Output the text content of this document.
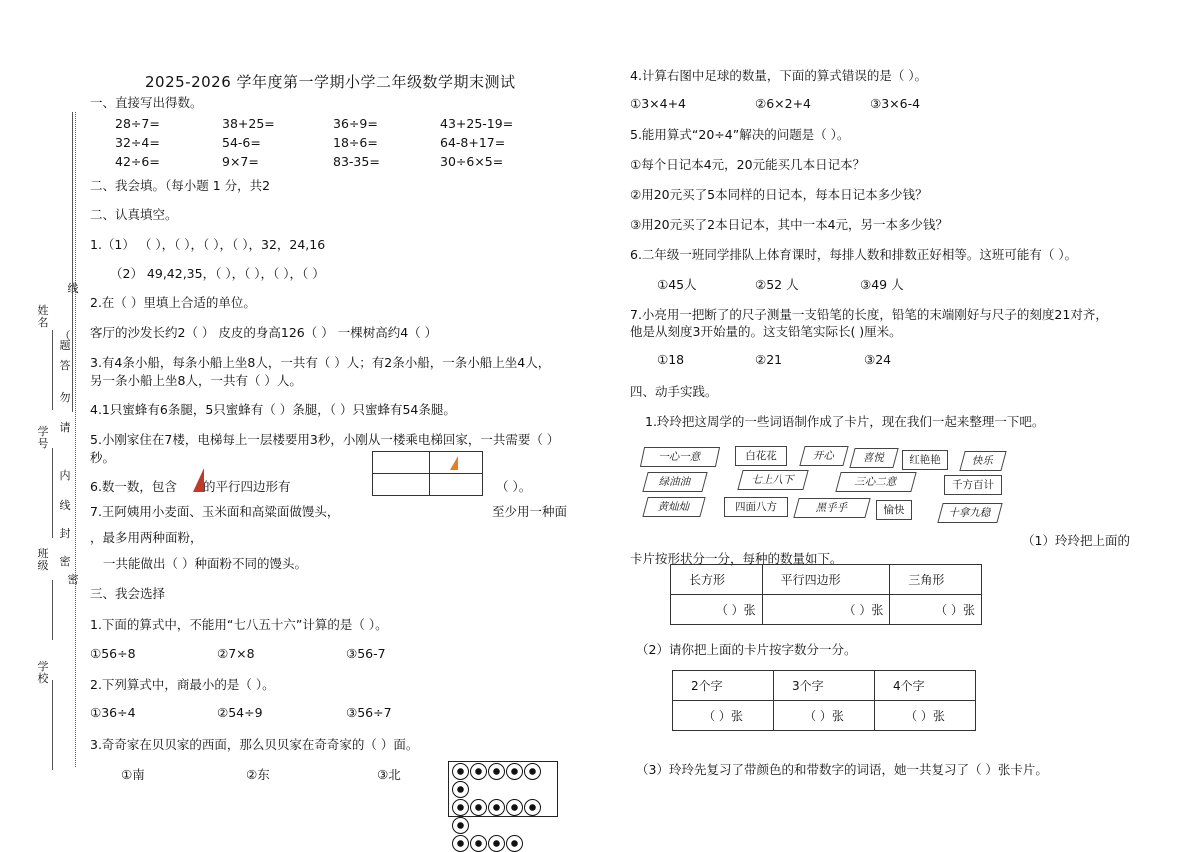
姓名
学号
班级
学校
线
（
答
题
勿
请
内
线
封
密
密
2025-2026 学年度第一学期小学二年级数学期末测试
一、直接写出得数。
28÷7=	38+25=	36÷9=	43+25-19=
32÷4=	54-6=	18÷6=	64-8+17=
42÷6=	9×7=	83-35=	30÷6×5=
二、我会填。（每小题 1 分，共2
二、认真填空。
1.（1） （ ），（ ），（ ），（ ），32，24,16
（2） 49,42,35，（ ），（ ），（ ），（ ）
2.在（ ）里填上合适的单位。
客厅的沙发长约2（ ） 皮皮的身高126（ ） 一棵树高约4（ ）
3.有4条小船，每条小船上坐8人，一共有（ ）人；有2条小船，一条小船上坐4人，
另一条小船上坐8人，一共有（ ）人。
4.1只蜜蜂有6条腿，5只蜜蜂有（ ）条腿，（ ）只蜜蜂有54条腿。
5.小刚家住在7楼，电梯每上一层楼要用3秒，小刚从一楼乘电梯回家，一共需要（ ）
秒。
6.数一数，包含 的平行四边形有	（ ）。
7.王阿姨用小麦面、玉米面和高粱面做馒头，	至少用一种面
，最多用两种面粉，
一共能做出（ ）种面粉不同的馒头。
三、我会选择
1.下面的算式中，不能用“七八五十六”计算的是（ ）。
①56÷8	②7×8	③56-7
2.下列算式中，商最小的是（ ）。
①36÷4	②54÷9	③56÷7
3.奇奇家在贝贝家的西面，那么贝贝家在奇奇家的（ ）面。
①南	②东	③北
4.计算右图中足球的数量，下面的算式错误的是（ ）。
①3×4+4	②6×2+4	③3×6-4
5.能用算式“20÷4”解决的问题是（ ）。
①每个日记本4元，20元能买几本日记本？
②用20元买了5本同样的日记本，每本日记本多少钱？
③用20元买了2本日记本，其中一本4元，另一本多少钱？
6.二年级一班同学排队上体育课时，每排人数和排数正好相等。这班可能有（ ）。
①45人	②52 人	③49 人
7.小亮用一把断了的尺子测量一支铅笔的长度，铅笔的末端刚好与尺子的刻度21对齐，
他是从刻度3开始量的。这支铅笔实际长( )厘米。
①18	②21	③24
四、动手实践。
1.玲玲把这周学的一些词语制作成了卡片，现在我们一起来整理一下吧。
一心一意	白花花	开心	喜悦	红艳艳	快乐
绿油油	七上八下	三心二意	千方百计
黄灿灿	四面八方	黑乎乎	愉快	十拿九稳
（1）玲玲把上面的
卡片按形状分一分，每种的数量如下。
长方形	平行四边形	三角形
（ ）张	（ ）张	（ ）张
（2）请你把上面的卡片按字数分一分。
2个字	3个字	4个字
（ ）张	（ ）张	（ ）张
（3）玲玲先复习了带颜色的和带数字的词语，她一共复习了（ ）张卡片。
